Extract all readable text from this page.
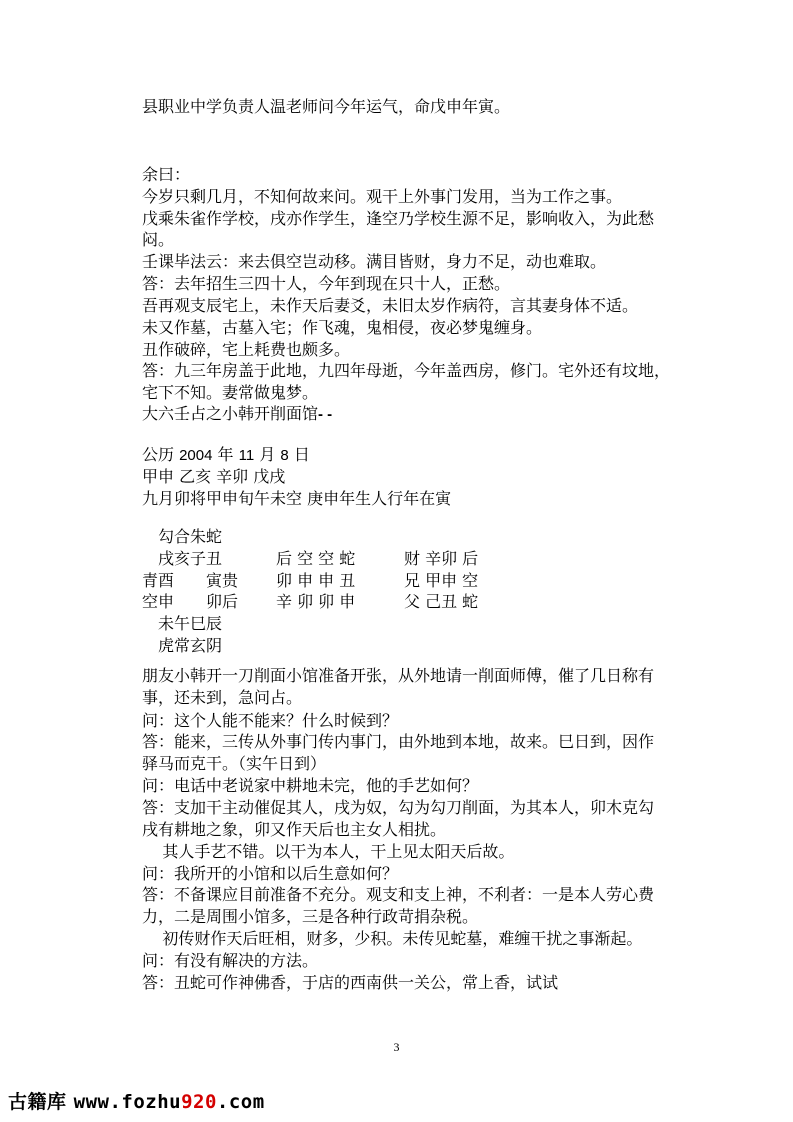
县职业中学负责人温老师问今年运气，命戊申年寅。
余曰：
今岁只剩几月，不知何故来问。观干上外事门发用，当为工作之事。
戊乘朱雀作学校，戌亦作学生，逢空乃学校生源不足，影响收入，为此愁
闷。
壬课毕法云：来去俱空岂动移。满目皆财，身力不足，动也难取。
答：去年招生三四十人，今年到现在只十人，正愁。
吾再观支辰宅上，未作天后妻爻，未旧太岁作病符，言其妻身体不适。
未又作墓，古墓入宅；作飞魂，鬼相侵，夜必梦鬼缠身。
丑作破碎，宅上耗费也颇多。
答：九三年房盖于此地，九四年母逝，今年盖西房，修门。宅外还有坟地，
宅下不知。妻常做鬼梦。
大六壬占之小韩开削面馆- -
公历 2004 年 11 月 8 日
甲申 乙亥 辛卯 戊戌
九月卯将甲申旬午未空 庚申年生人行年在寅
勾合朱蛇
戌亥子丑
青酉 寅贵
空申 卯后
未午巳辰
虎常玄阴
后 空 空 蛇
卯 申 申 丑
辛 卯 卯 申
财 辛卯 后
兄 甲申 空
父 己丑 蛇
朋友小韩开一刀削面小馆准备开张，从外地请一削面师傅，催了几日称有事，还未到，急问占。
问：这个人能不能来？什么时候到？
答：能来，三传从外事门传内事门，由外地到本地，故来。巳日到，因作驿马而克干。（实午日到）
问：电话中老说家中耕地未完，他的手艺如何？
答：支加干主动催促其人，戌为奴，勾为勾刀削面，为其本人，卯木克勾戌有耕地之象，卯又作天后也主女人相扰。
其人手艺不错。以干为本人，干上见太阳天后故。
问：我所开的小馆和以后生意如何？
答：不备课应目前准备不充分。观支和支上神，不利者：一是本人劳心费力，二是周围小馆多，三是各种行政苛捐杂税。
初传财作天后旺相，财多，少积。未传见蛇墓，难缠干扰之事渐起。
问：有没有解决的方法。
答：丑蛇可作神佛香，于店的西南供一关公，常上香，试试
3
古籍库 www.fozhu920.com
